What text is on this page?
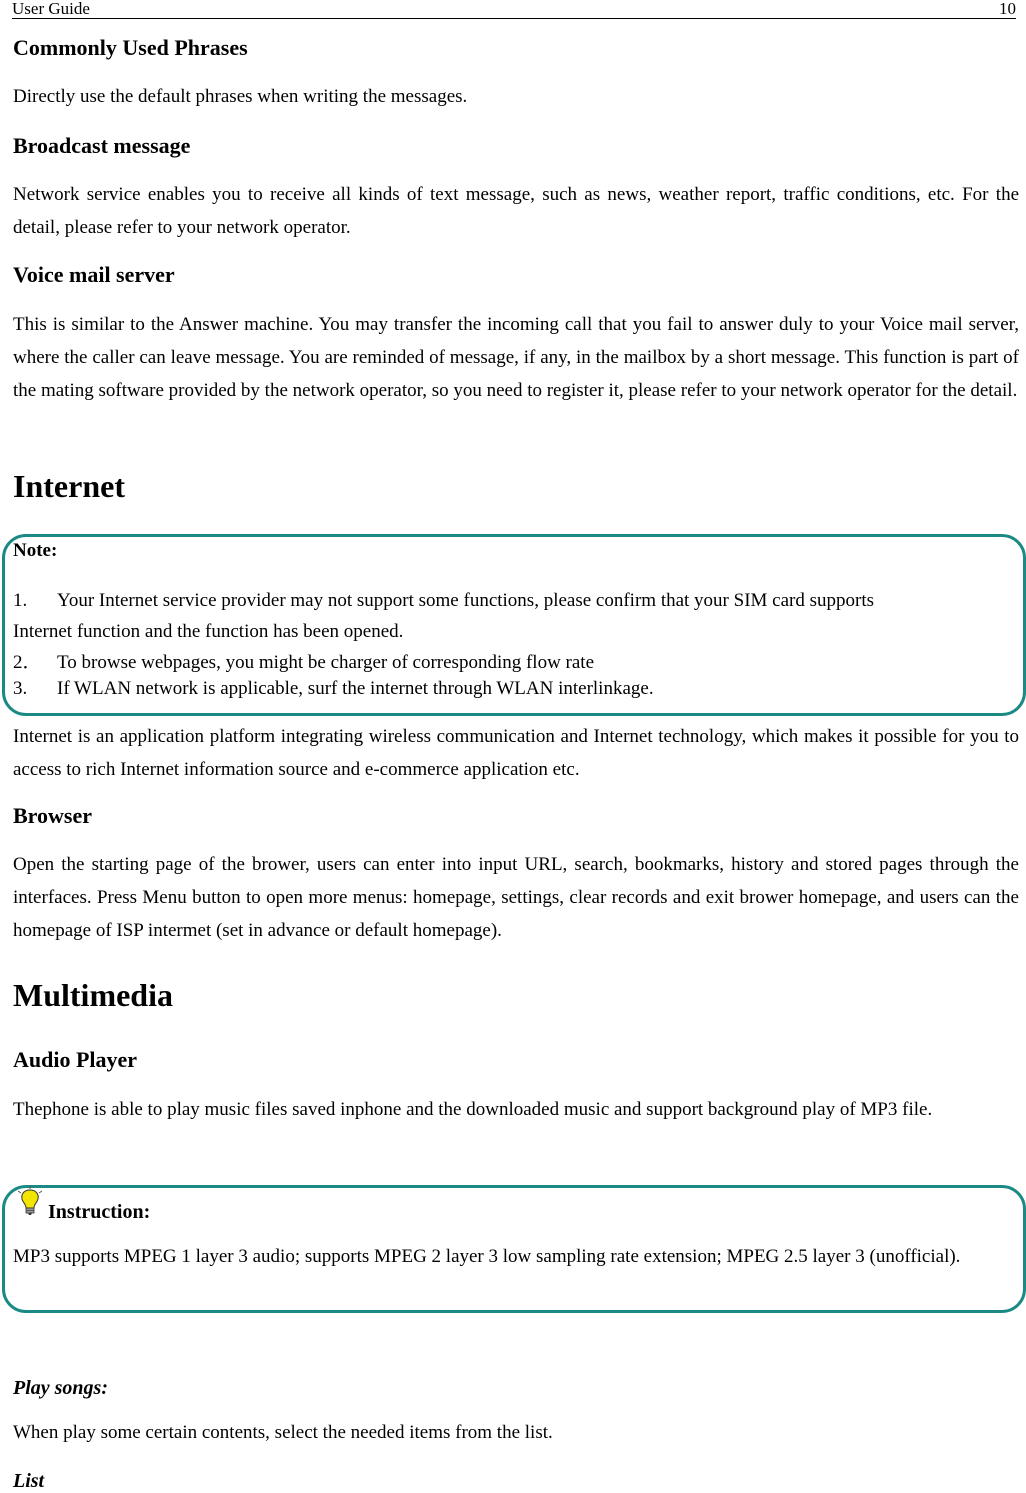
User Guide	10
Commonly Used Phrases
Directly use the default phrases when writing the messages.
Broadcast message
Network service enables you to receive all kinds of text message, such as news, weather report, traffic conditions, etc. For the detail, please refer to your network operator.
Voice mail server
This is similar to the Answer machine. You may transfer the incoming call that you fail to answer duly to your Voice mail server, where the caller can leave message. You are reminded of message, if any, in the mailbox by a short message. This function is part of the mating software provided by the network operator, so you need to register it, please refer to your network operator for the detail.
Internet
Note:
1. Your Internet service provider may not support some functions, please confirm that your SIM card supports
Internet function and the function has been opened.
2． To browse webpages, you might be charger of corresponding flow rate
3. If WLAN network is applicable, surf the internet through WLAN interlinkage.
Internet is an application platform integrating wireless communication and Internet technology, which makes it possible for you to access to rich Internet information source and e-commerce application etc.
Browser
Open the starting page of the brower, users can enter into input URL, search, bookmarks, history and stored pages through the interfaces. Press Menu button to open more menus: homepage, settings, clear records and exit brower homepage, and users can the homepage of ISP intermet (set in advance or default homepage).
Multimedia
Audio Player
Thephone is able to play music files saved inphone and the downloaded music and support background play of MP3 file.
Instruction:
MP3 supports MPEG 1 layer 3 audio; supports MPEG 2 layer 3 low sampling rate extension; MPEG 2.5 layer 3 (unofficial).
Play songs:
When play some certain contents, select the needed items from the list.
List
